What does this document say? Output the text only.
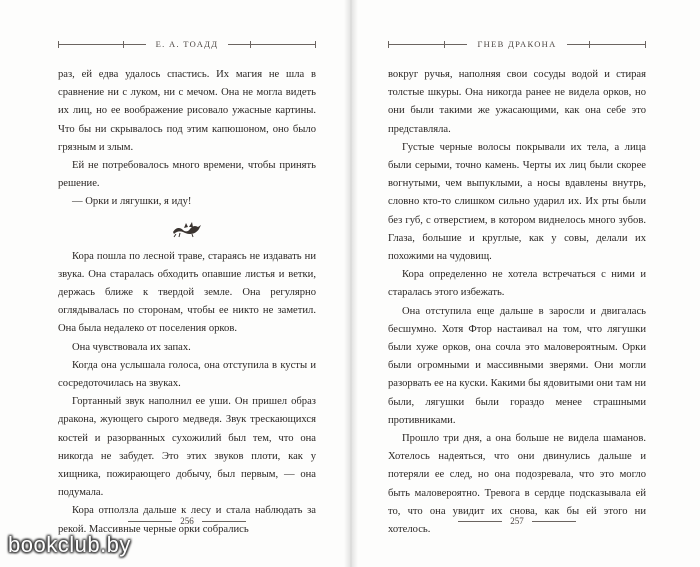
Е. А. ТОАДД

раз, ей едва удалось спастись. Их магия не шла в сравнение ни с луком, ни с мечом. Она не могла видеть их лиц, но ее воображение рисовало ужасные картины. Что бы ни скрывалось под этим капюшоном, оно было грязным и злым.

Ей не потребовалось много времени, чтобы принять решение.

— Орки и лягушки, я иду!

Кора пошла по лесной траве, стараясь не издавать ни звука. Она старалась обходить опавшие листья и ветки, держась ближе к твердой земле. Она регулярно оглядывалась по сторонам, чтобы ее никто не заметил. Она была недалеко от поселения орков.

Она чувствовала их запах.

Когда она услышала голоса, она отступила в кусты и сосредоточилась на звуках.

Гортанный звук наполнил ее уши. Он пришел образ дракона, жующего сырого медведя. Звук трескающихся костей и разорванных сухожилий был тем, что она никогда не забудет. Это этих звуков плоти, как у хищника, пожирающего добычу, был первым, — она подумала.

Кора отползла дальше к лесу и стала наблюдать за рекой. Массивные черные орки собрались

256
ГНЕВ ДРАКОНА

вокруг ручья, наполняя свои сосуды водой и стирая толстые шкуры. Она никогда ранее не видела орков, но они были такими же ужасающими, как она себе это представляла.

Густые черные волосы покрывали их тела, а лица были серыми, точно камень. Черты их лиц были скорее вогнутыми, чем выпуклыми, а носы вдавлены внутрь, словно кто-то слишком сильно ударил их. Их рты были без губ, с отверстием, в котором виднелось много зубов. Глаза, большие и круглые, как у совы, делали их похожими на чудовищ.

Кора определенно не хотела встречаться с ними и старалась этого избежать.

Она отступила еще дальше в заросли и двигалась бесшумно. Хотя Фтор настаивал на том, что лягушки были хуже орков, она сочла это маловероятным. Орки были огромными и массивными зверями. Они могли разорвать ее на куски. Какими бы ядовитыми они там ни были, лягушки были гораздо менее страшными противниками.

Прошло три дня, а она больше не видела шаманов. Хотелось надеяться, что они двинулись дальше и потеряли ее след, но она подозревала, что это могло быть маловероятно. Тревога в сердце подсказывала ей то, что она увидит их снова, как бы ей этого ни хотелось.

257
bookclub.by
